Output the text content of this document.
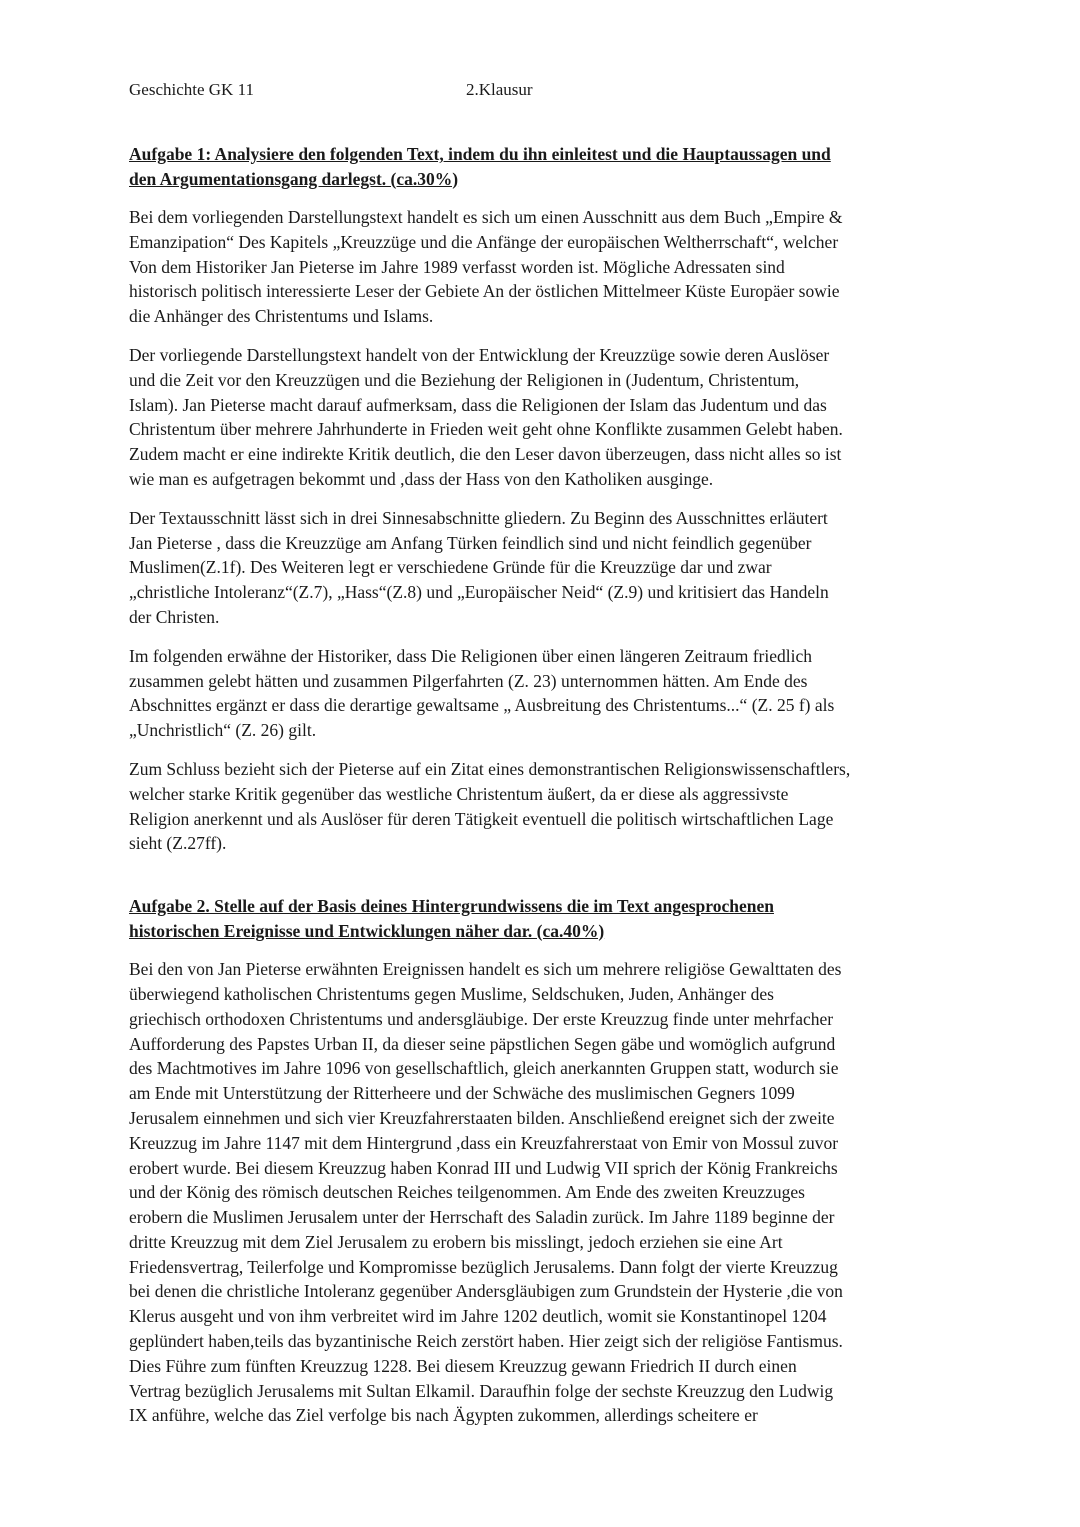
Geschichte GK 11	2.Klausur
Aufgabe 1: Analysiere den folgenden Text, indem du ihn einleitest und die Hauptaussagen und
den Argumentationsgang darlegst. (ca.30%)

Bei dem vorliegenden Darstellungstext handelt es sich um einen Ausschnitt aus dem Buch „Empire &
Emanzipation“ Des Kapitels „Kreuzzüge und die Anfänge der europäischen Weltherrschaft“, welcher
Von dem Historiker Jan Pieterse im Jahre 1989 verfasst worden ist. Mögliche Adressaten sind
historisch politisch interessierte Leser der Gebiete An der östlichen Mittelmeer Küste Europäer sowie
die Anhänger des Christentums und Islams.

Der vorliegende Darstellungstext handelt von der Entwicklung der Kreuzzüge sowie deren Auslöser
und die Zeit vor den Kreuzzügen und die Beziehung der Religionen in (Judentum, Christentum,
Islam). Jan Pieterse macht darauf aufmerksam, dass die Religionen der Islam das Judentum und das
Christentum über mehrere Jahrhunderte in Frieden weit geht ohne Konflikte zusammen Gelebt haben.
Zudem macht er eine indirekte Kritik deutlich, die den Leser davon überzeugen, dass nicht alles so ist
wie man es aufgetragen bekommt und ,dass der Hass von den Katholiken ausginge.

Der Textausschnitt lässt sich in drei Sinnesabschnitte gliedern. Zu Beginn des Ausschnittes erläutert
Jan Pieterse , dass die Kreuzzüge am Anfang Türken feindlich sind und nicht feindlich gegenüber
Muslimen(Z.1f). Des Weiteren legt er verschiedene Gründe für die Kreuzzüge dar und zwar
„christliche Intoleranz“(Z.7), „Hass“(Z.8) und „Europäischer Neid“ (Z.9) und kritisiert das Handeln
der Christen.

Im folgenden erwähne der Historiker, dass Die Religionen über einen längeren Zeitraum friedlich
zusammen gelebt hätten und zusammen Pilgerfahrten (Z. 23) unternommen hätten. Am Ende des
Abschnittes ergänzt er dass die derartige gewaltsame „ Ausbreitung des Christentums...“ (Z. 25 f) als
„Unchristlich“ (Z. 26) gilt.

Zum Schluss bezieht sich der Pieterse auf ein Zitat eines demonstrantischen Religionswissenschaftlers,
welcher starke Kritik gegenüber das westliche Christentum äußert, da er diese als aggressivste
Religion anerkennt und als Auslöser für deren Tätigkeit eventuell die politisch wirtschaftlichen Lage
sieht (Z.27ff).

Aufgabe 2. Stelle auf der Basis deines Hintergrundwissens die im Text angesprochenen
historischen Ereignisse und Entwicklungen näher dar. (ca.40%)

Bei den von Jan Pieterse erwähnten Ereignissen handelt es sich um mehrere religiöse Gewalttaten des
überwiegend katholischen Christentums gegen Muslime, Seldschuken, Juden, Anhänger des
griechisch orthodoxen Christentums und andersgläubige. Der erste Kreuzzug finde unter mehrfacher
Aufforderung des Papstes Urban II, da dieser seine päpstlichen Segen gäbe und womöglich aufgrund
des Machtmotives im Jahre 1096 von gesellschaftlich, gleich anerkannten Gruppen statt, wodurch sie
am Ende mit Unterstützung der Ritterheere und der Schwäche des muslimischen Gegners 1099
Jerusalem einnehmen und sich vier Kreuzfahrerstaaten bilden. Anschließend ereignet sich der zweite
Kreuzzug im Jahre 1147 mit dem Hintergrund ,dass ein Kreuzfahrerstaat von Emir von Mossul zuvor
erobert wurde. Bei diesem Kreuzzug haben Konrad III und Ludwig VII sprich der König Frankreichs
und der König des römisch deutschen Reiches teilgenommen. Am Ende des zweiten Kreuzzuges
erobern die Muslimen Jerusalem unter der Herrschaft des Saladin zurück. Im Jahre 1189 beginne der
dritte Kreuzzug mit dem Ziel Jerusalem zu erobern bis misslingt, jedoch erziehen sie eine Art
Friedensvertrag, Teilerfolge und Kompromisse bezüglich Jerusalems. Dann folgt der vierte Kreuzzug
bei denen die christliche Intoleranz gegenüber Andersgläubigen zum Grundstein der Hysterie ,die von
Klerus ausgeht und von ihm verbreitet wird im Jahre 1202 deutlich, womit sie Konstantinopel 1204
geplündert haben,teils das byzantinische Reich zerstört haben. Hier zeigt sich der religiöse Fantismus.
Dies Führe zum fünften Kreuzzug 1228. Bei diesem Kreuzzug gewann Friedrich II durch einen
Vertrag bezüglich Jerusalems mit Sultan Elkamil. Daraufhin folge der sechste Kreuzzug den Ludwig
IX anführe, welche das Ziel verfolge bis nach Ägypten zukommen, allerdings scheitere er
